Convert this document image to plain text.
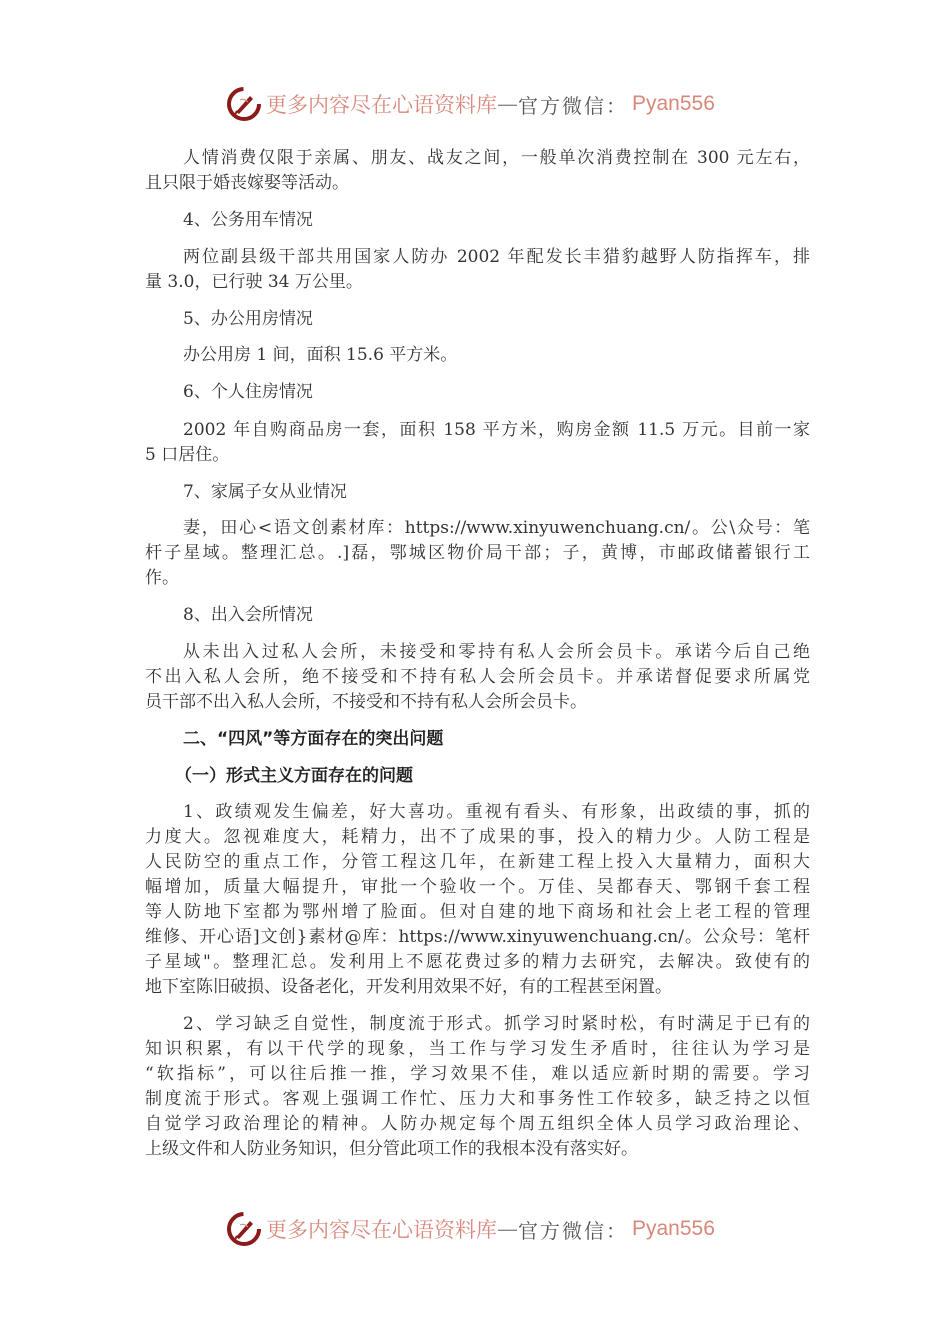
更多内容尽在心语资料库 — 官方微信： Pyan556
人情消费仅限于亲属、朋友、战友之间，一般单次消费控制在 300 元左右，
且只限于婚丧嫁娶等活动。
4、公务用车情况
两位副县级干部共用国家人防办 2002 年配发长丰猎豹越野人防指挥车，排
量 3.0，已行驶 34 万公里。
5、办公用房情况
办公用房 1 间，面积 15.6 平方米。
6、个人住房情况
2002 年自购商品房一套，面积 158 平方米，购房金额 11.5 万元。目前一家
5 口居住。
7、家属子女从业情况
妻，田心<语文创素材库：https://www.xinyuwenchuang.cn/。公\众号：笔
杆子星域。整理汇总。.]磊，鄂城区物价局干部；子，黄博，市邮政储蓄银行工
作。
8、出入会所情况
从未出入过私人会所，未接受和零持有私人会所会员卡。承诺今后自己绝
不出入私人会所，绝不接受和不持有私人会所会员卡。并承诺督促要求所属党
员干部不出入私人会所，不接受和不持有私人会所会员卡。
二、“四风”等方面存在的突出问题
（一）形式主义方面存在的问题
1、政绩观发生偏差，好大喜功。重视有看头、有形象，出政绩的事，抓的
力度大。忽视难度大，耗精力，出不了成果的事，投入的精力少。人防工程是
人民防空的重点工作，分管工程这几年，在新建工程上投入大量精力，面积大
幅增加，质量大幅提升，审批一个验收一个。万佳、吴都春天、鄂钢千套工程
等人防地下室都为鄂州增了脸面。但对自建的地下商场和社会上老工程的管理
维修、开心语]文创}素材@库：https://www.xinyuwenchuang.cn/。公众号：笔杆
子星域"。整理汇总。发利用上不愿花费过多的精力去研究，去解决。致使有的
地下室陈旧破损、设备老化，开发利用效果不好，有的工程甚至闲置。
2、学习缺乏自觉性，制度流于形式。抓学习时紧时松，有时满足于已有的
知识积累，有以干代学的现象，当工作与学习发生矛盾时，往往认为学习是
“软指标”，可以往后推一推，学习效果不佳，难以适应新时期的需要。学习
制度流于形式。客观上强调工作忙、压力大和事务性工作较多，缺乏持之以恒
自觉学习政治理论的精神。人防办规定每个周五组织全体人员学习政治理论、
上级文件和人防业务知识，但分管此项工作的我根本没有落实好。
更多内容尽在心语资料库 — 官方微信： Pyan556
